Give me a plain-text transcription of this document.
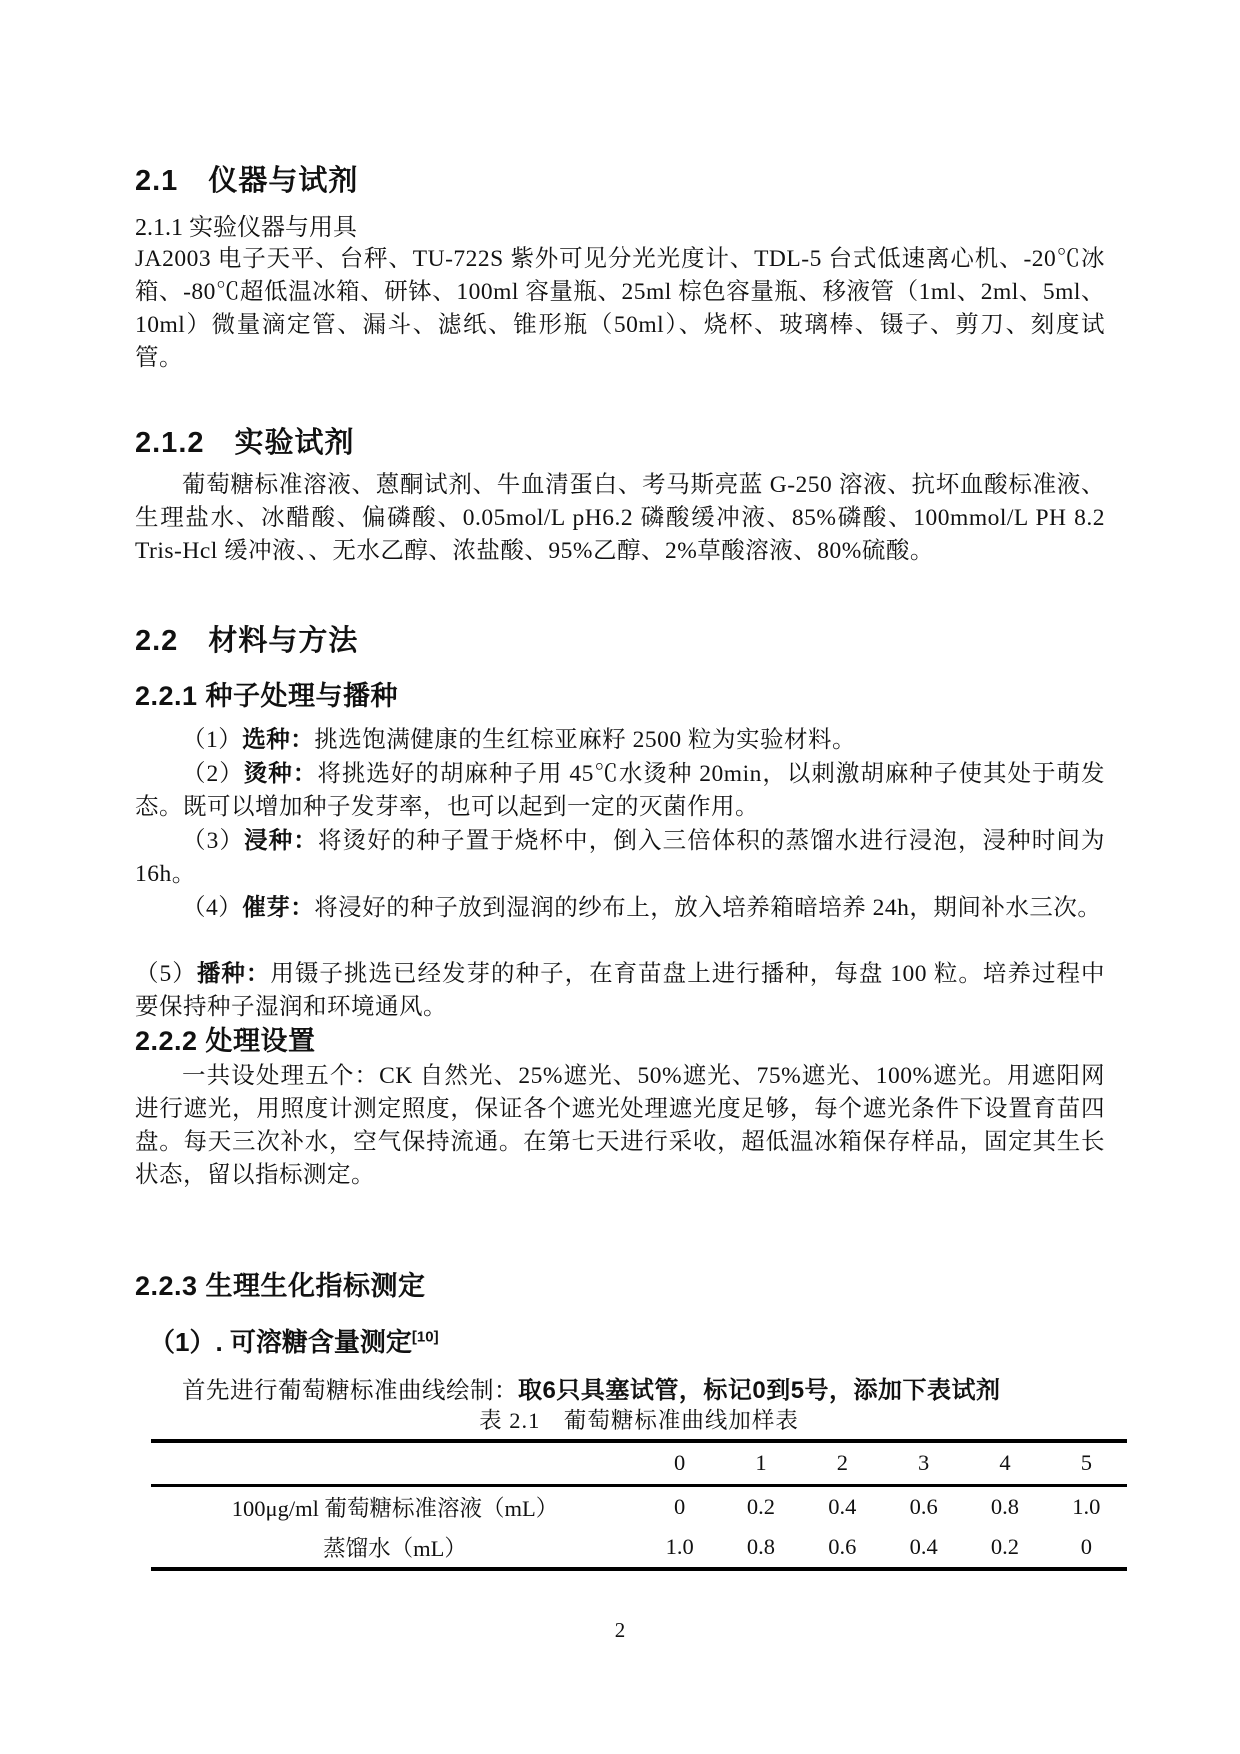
2.1　仪器与试剂
2.1.1 实验仪器与用具

JA2003 电子天平、台秤、TU-722S 紫外可见分光光度计、TDL-5 台式低速离心机、-20℃冰箱、-80℃超低温冰箱、研钵、100ml 容量瓶、25ml 棕色容量瓶、移液管（1ml、2ml、5ml、10ml）微量滴定管、漏斗、滤纸、锥形瓶（50ml）、烧杯、玻璃棒、镊子、剪刀、刻度试管。

2.1.2　实验试剂

葡萄糖标准溶液、蒽酮试剂、牛血清蛋白、考马斯亮蓝 G-250 溶液、抗坏血酸标准液、生理盐水、冰醋酸、偏磷酸、0.05mol/L pH6.2 磷酸缓冲液、85%磷酸、100mmol/L PH 8.2 Tris-Hcl 缓冲液、、无水乙醇、浓盐酸、95%乙醇、2%草酸溶液、80%硫酸。

2.2　材料与方法
2.2.1 种子处理与播种

（1）选种：挑选饱满健康的生红棕亚麻籽 2500 粒为实验材料。

（2）烫种：将挑选好的胡麻种子用 45℃水烫种 20min，以刺激胡麻种子使其处于萌发态。既可以增加种子发芽率，也可以起到一定的灭菌作用。

（3）浸种：将烫好的种子置于烧杯中，倒入三倍体积的蒸馏水进行浸泡，浸种时间为 16h。

（4）催芽：将浸好的种子放到湿润的纱布上，放入培养箱暗培养 24h，期间补水三次。

（5）播种：用镊子挑选已经发芽的种子，在育苗盘上进行播种，每盘 100 粒。培养过程中要保持种子湿润和环境通风。

2.2.2 处理设置

一共设处理五个：CK 自然光、25%遮光、50%遮光、75%遮光、100%遮光。用遮阳网进行遮光，用照度计测定照度，保证各个遮光处理遮光度足够，每个遮光条件下设置育苗四盘。每天三次补水，空气保持流通。在第七天进行采收，超低温冰箱保存样品，固定其生长状态，留以指标测定。

2.2.3 生理生化指标测定
（1）. 可溶糖含量测定[10]

首先进行葡萄糖标准曲线绘制：取6只具塞试管，标记0到5号，添加下表试剂

表 2.1　葡萄糖标准曲线加样表
	0	1	2	3	4	5
100μg/ml 葡萄糖标准溶液（mL）	0	0.2	0.4	0.6	0.8	1.0
蒸馏水（mL）	1.0	0.8	0.6	0.4	0.2	0
2
